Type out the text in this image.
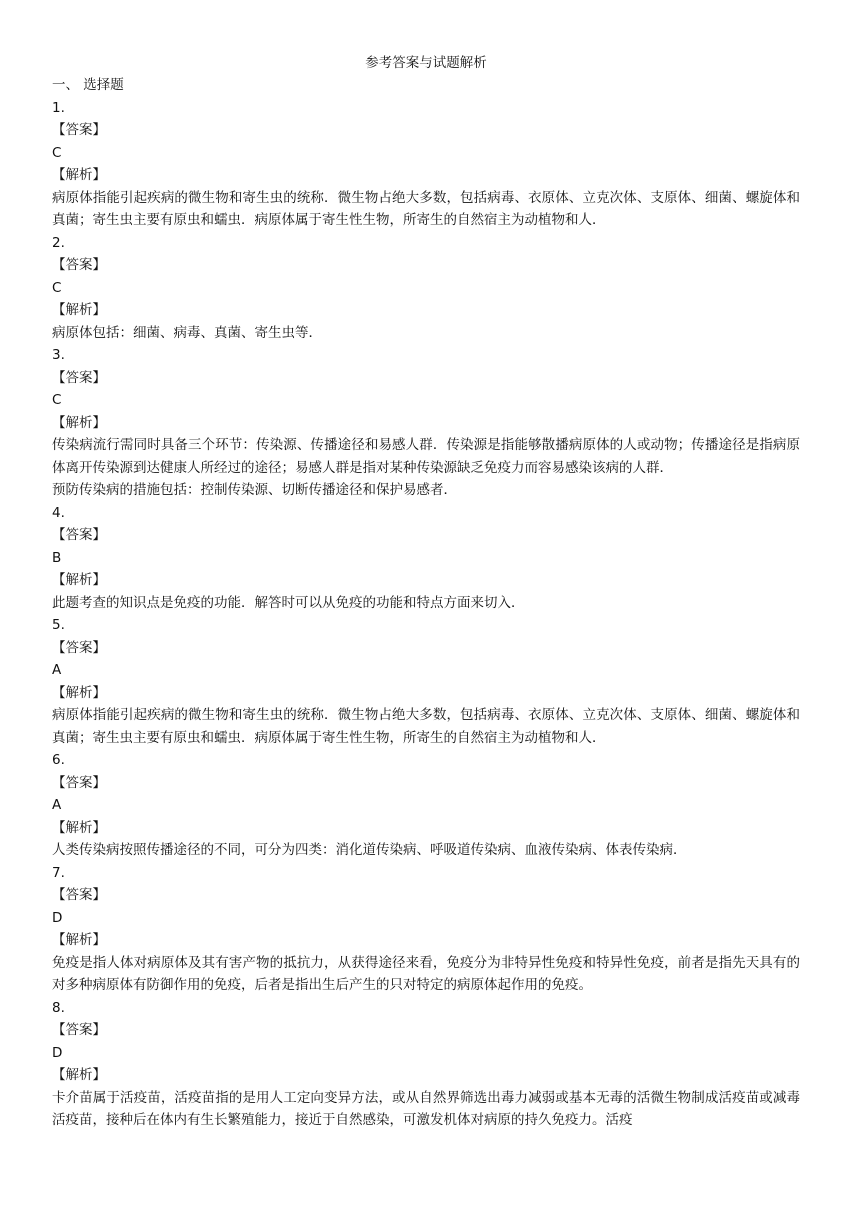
参考答案与试题解析
一、 选择题
1.
【答案】
C
【解析】
病原体指能引起疾病的微生物和寄生虫的统称．微生物占绝大多数，包括病毒、衣原体、立克次体、支原体、细菌、螺旋体和真菌；寄生虫主要有原虫和蠕虫．病原体属于寄生性生物，所寄生的自然宿主为动植物和人．
2.
【答案】
C
【解析】
病原体包括：细菌、病毒、真菌、寄生虫等．
3.
【答案】
C
【解析】
传染病流行需同时具备三个环节：传染源、传播途径和易感人群．传染源是指能够散播病原体的人或动物；传播途径是指病原体离开传染源到达健康人所经过的途径；易感人群是指对某种传染源缺乏免疫力而容易感染该病的人群．
预防传染病的措施包括：控制传染源、切断传播途径和保护易感者．
4.
【答案】
B
【解析】
此题考查的知识点是免疫的功能．解答时可以从免疫的功能和特点方面来切入．
5.
【答案】
A
【解析】
病原体指能引起疾病的微生物和寄生虫的统称．微生物占绝大多数，包括病毒、衣原体、立克次体、支原体、细菌、螺旋体和真菌；寄生虫主要有原虫和蠕虫．病原体属于寄生性生物，所寄生的自然宿主为动植物和人．
6.
【答案】
A
【解析】
人类传染病按照传播途径的不同，可分为四类：消化道传染病、呼吸道传染病、血液传染病、体表传染病．
7.
【答案】
D
【解析】
免疫是指人体对病原体及其有害产物的抵抗力，从获得途径来看，免疫分为非特异性免疫和特异性免疫，前者是指先天具有的对多种病原体有防御作用的免疫，后者是指出生后产生的只对特定的病原体起作用的免疫。
8.
【答案】
D
【解析】
卡介苗属于活疫苗，活疫苗指的是用人工定向变异方法，或从自然界筛选出毒力减弱或基本无毒的活微生物制成活疫苗或减毒活疫苗，接种后在体内有生长繁殖能力，接近于自然感染，可激发机体对病原的持久免疫力。活疫
